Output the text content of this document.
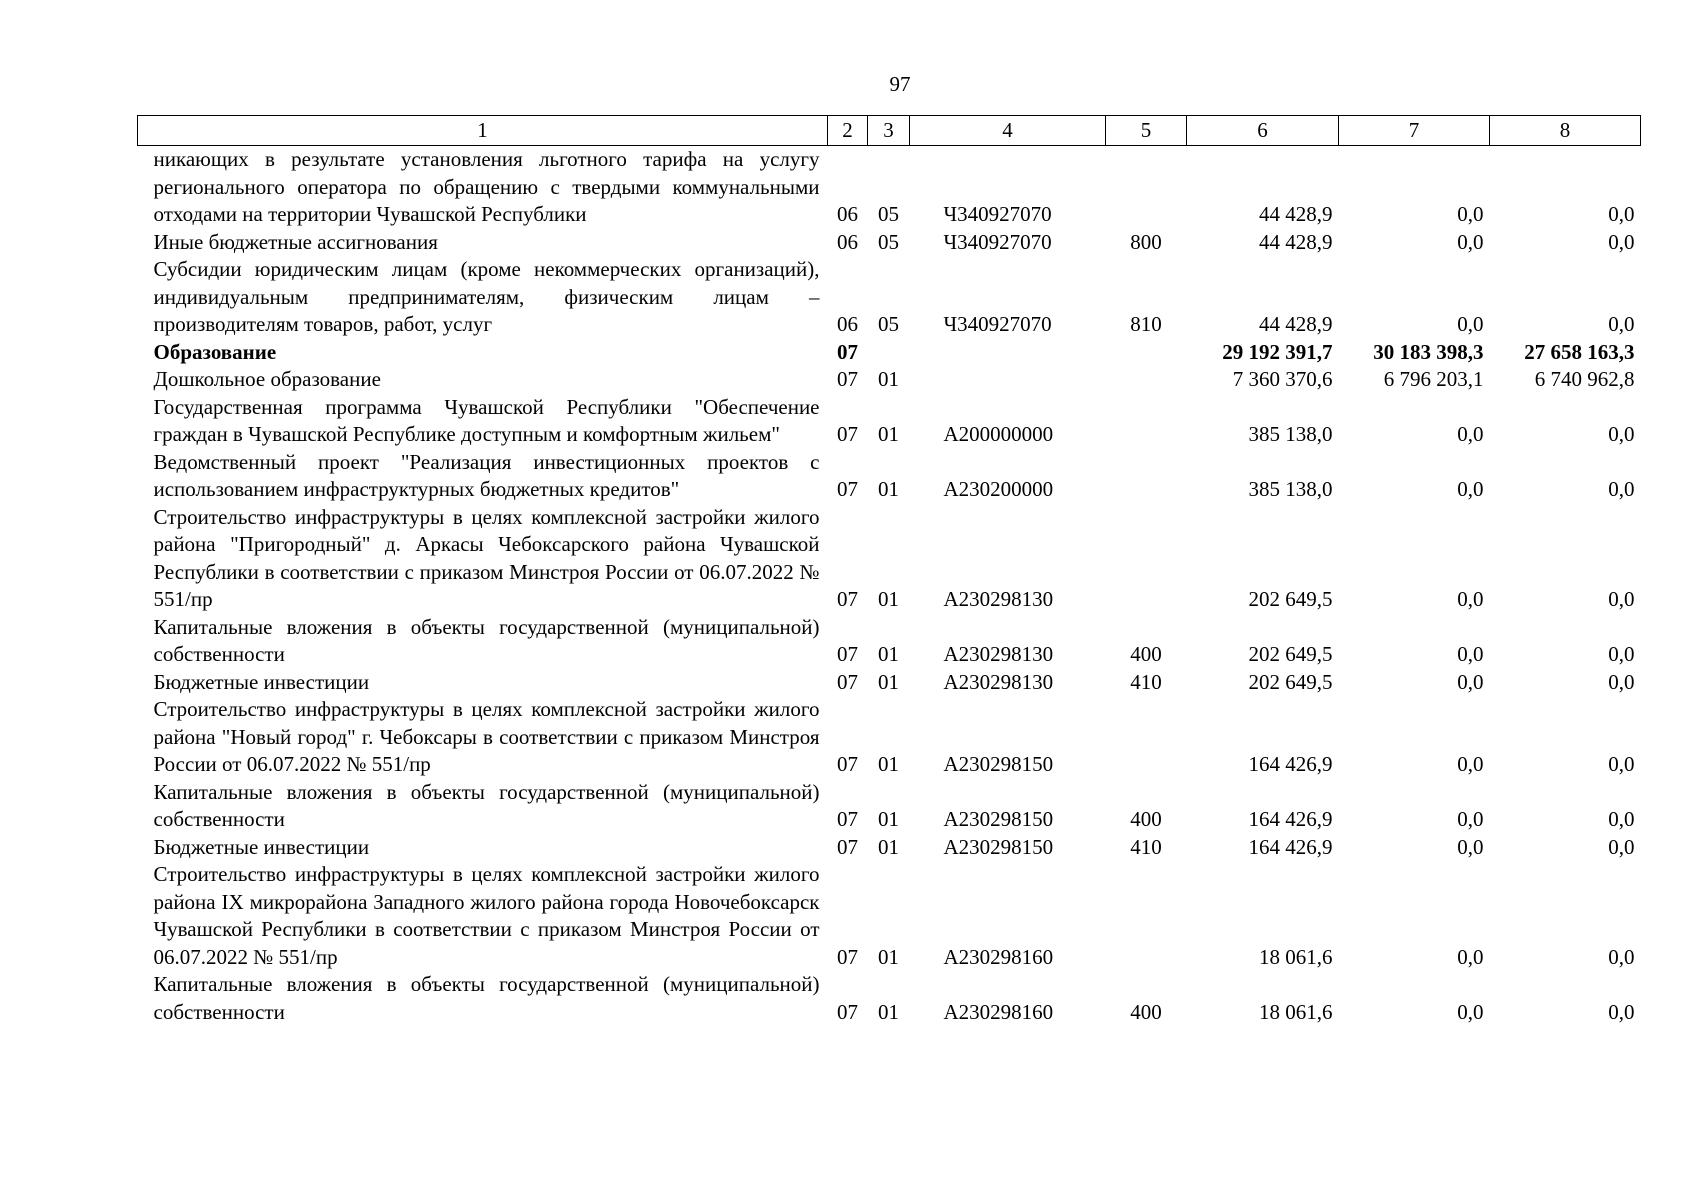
97
1	2	3	4	5	6	7	8
никающих в результате установления льготного тарифа на услугу регионального оператора по обращению с твердыми коммунальными отходами на территории Чувашской Республики	06	05	Ч340927070		44 428,9	0,0	0,0
Иные бюджетные ассигнования	06	05	Ч340927070	800	44 428,9	0,0	0,0
Субсидии юридическим лицам (кроме некоммерческих организаций), индивидуальным предпринимателям, физическим лицам – производителям товаров, работ, услуг	06	05	Ч340927070	810	44 428,9	0,0	0,0
Образование	07				29 192 391,7	30 183 398,3	27 658 163,3
Дошкольное образование	07	01			7 360 370,6	6 796 203,1	6 740 962,8
Государственная программа Чувашской Республики "Обеспечение граждан в Чувашской Республике доступным и комфортным жильем"	07	01	А200000000		385 138,0	0,0	0,0
Ведомственный проект "Реализация инвестиционных проектов с использованием инфраструктурных бюджетных кредитов"	07	01	А230200000		385 138,0	0,0	0,0
Строительство инфраструктуры в целях комплексной застройки жилого района "Пригородный" д. Аркасы Чебоксарского района Чувашской Республики в соответствии с приказом Минстроя России от 06.07.2022 № 551/пр	07	01	А230298130		202 649,5	0,0	0,0
Капитальные вложения в объекты государственной (муниципальной) собственности	07	01	А230298130	400	202 649,5	0,0	0,0
Бюджетные инвестиции	07	01	А230298130	410	202 649,5	0,0	0,0
Строительство инфраструктуры в целях комплексной застройки жилого района "Новый город" г. Чебоксары в соответствии с приказом Минстроя России от 06.07.2022 № 551/пр	07	01	А230298150		164 426,9	0,0	0,0
Капитальные вложения в объекты государственной (муниципальной) собственности	07	01	А230298150	400	164 426,9	0,0	0,0
Бюджетные инвестиции	07	01	А230298150	410	164 426,9	0,0	0,0
Строительство инфраструктуры в целях комплексной застройки жилого района IX микрорайона Западного жилого района города Новочебоксарск Чувашской Республики в соответствии с приказом Минстроя России от 06.07.2022 № 551/пр	07	01	А230298160		18 061,6	0,0	0,0
Капитальные вложения в объекты государственной (муниципальной) собственности	07	01	А230298160	400	18 061,6	0,0	0,0
